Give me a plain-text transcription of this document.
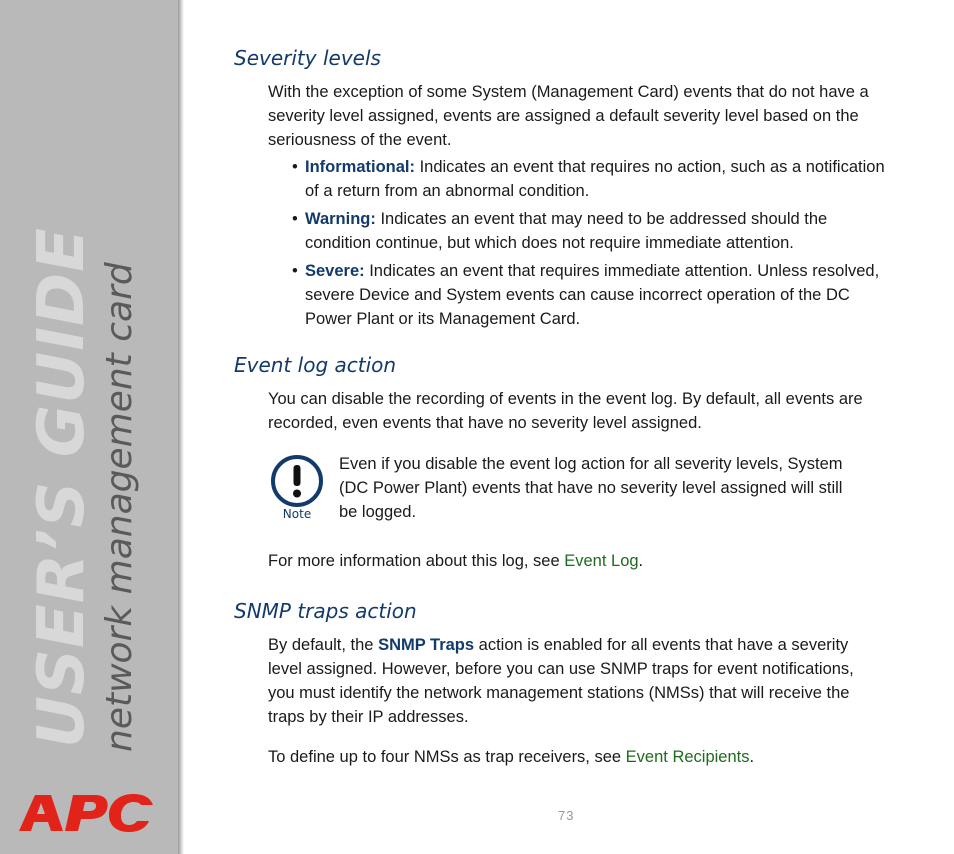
USER’S GUIDE network management card
Severity levels

With the exception of some System (Management Card) events that do not have a severity level assigned, events are assigned a default severity level based on the seriousness of the event.

• Informational: Indicates an event that requires no action, such as a notification of a return from an abnormal condition.
• Warning: Indicates an event that may need to be addressed should the condition continue, but which does not require immediate attention.
• Severe: Indicates an event that requires immediate attention. Unless resolved, severe Device and System events can cause incorrect operation of the DC Power Plant or its Management Card.
Event log action

You can disable the recording of events in the event log. By default, all events are recorded, even events that have no severity level assigned.

Note
Even if you disable the event log action for all severity levels, System (DC Power Plant) events that have no severity level assigned will still be logged.

For more information about this log, see Event Log.

SNMP traps action

By default, the SNMP Traps action is enabled for all events that have a severity level assigned. However, before you can use SNMP traps for event notifications, you must identify the network management stations (NMSs) that will receive the traps by their IP addresses.

To define up to four NMSs as trap receivers, see Event Recipients.

73
